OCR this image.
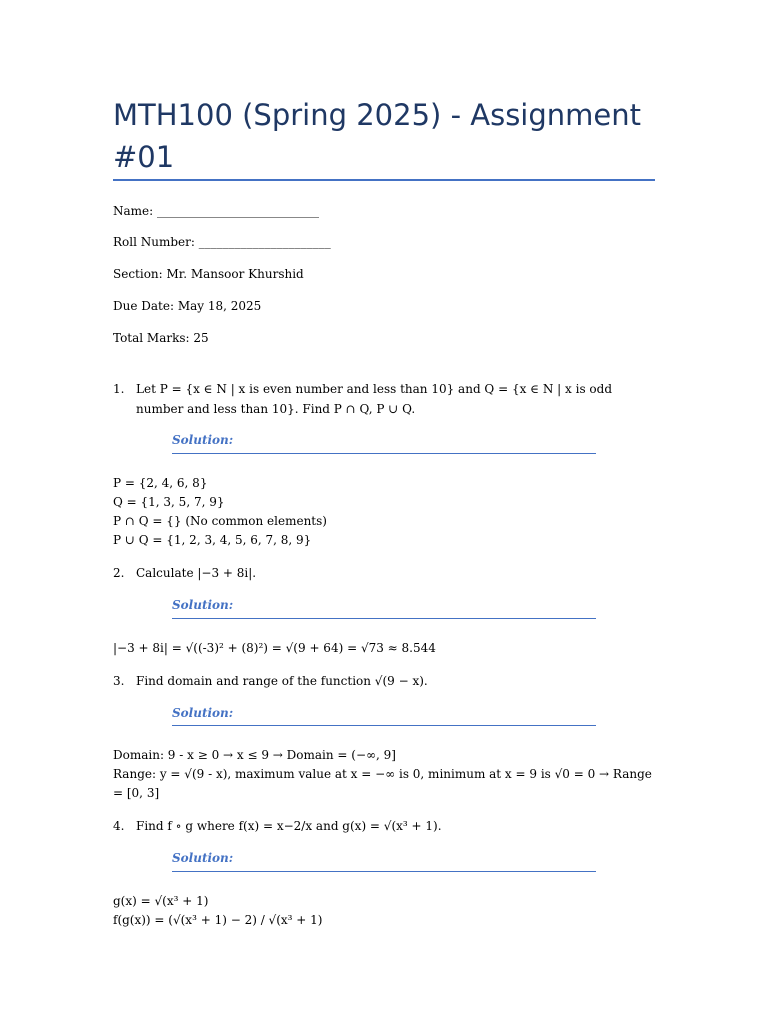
MTH100 (Spring 2025) - Assignment #01
Name: ___________________________
Roll Number: ______________________
Section: Mr. Mansoor Khurshid
Due Date: May 18, 2025
Total Marks: 25
1. Let P = {x ∈ N | x is even number and less than 10} and Q = {x ∈ N | x is odd number and less than 10}. Find P ∩ Q, P ∪ Q.
Solution:
P = {2, 4, 6, 8}
Q = {1, 3, 5, 7, 9}
P ∩ Q = {} (No common elements)
P ∪ Q = {1, 2, 3, 4, 5, 6, 7, 8, 9}
2. Calculate |−3 + 8i|.
Solution:
|−3 + 8i| = √((-3)² + (8)²) = √(9 + 64) = √73 ≈ 8.544
3. Find domain and range of the function √(9 − x).
Solution:
Domain: 9 - x ≥ 0 → x ≤ 9 → Domain = (−∞, 9]
Range: y = √(9 - x), maximum value at x = −∞ is 0, minimum at x = 9 is √0 = 0 → Range = [0, 3]
4. Find f ∘ g where f(x) = x−2/x and g(x) = √(x³ + 1).
Solution:
g(x) = √(x³ + 1)
f(g(x)) = (√(x³ + 1) − 2) / √(x³ + 1)
